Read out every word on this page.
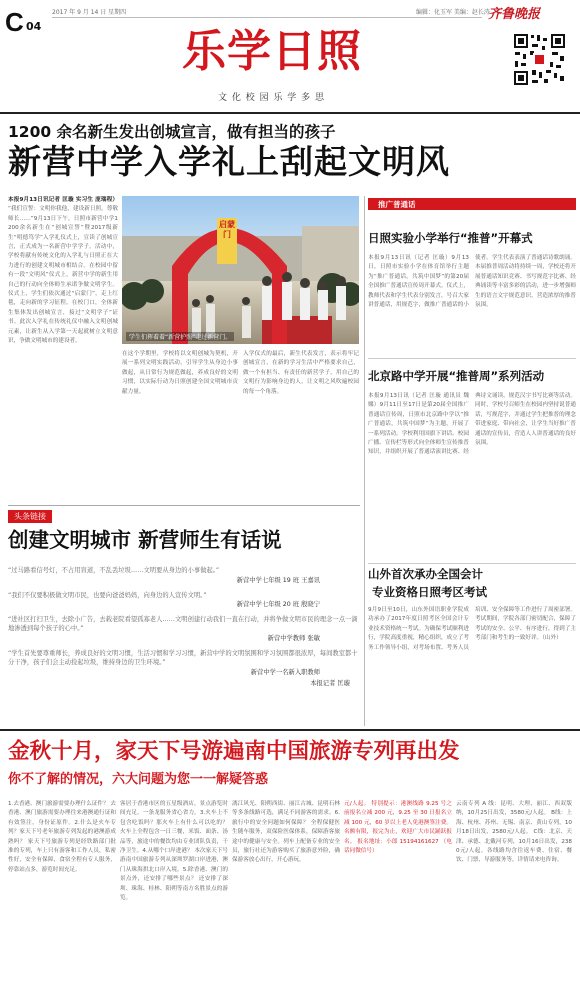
C 04
2017 年 9 月 14 日 星期四	编辑：化玉军 美编：赵长涛
齐鲁晚报
乐学日照
文 化 校 园 乐 学 多 思
1200 余名新生发出创城宣言，做有担当的孩子
新营中学入学礼上刮起文明风
本报9月13日讯记者 匡璇 实习生 庞瑞程） “我们宣誓：文明你我他，建设新日照，尊敬师长……”9月13日下午，日照市新营中学1200余名新生在“创城宣誓”暨2017级新生“明德笃学”入学礼仪式上，宣读了创城宣言，正式成为一名新营中学学子。活动中，学校将献有传统文化的入学礼与日照正在大力进行的创建文明城市相结合。在校园中留有一段“文明风”仪式上，新营中学的新生用自己的行动向全体师生承诺争做文明学生。 仪式上，学生们依次通过“启蒙门”，走上红毯，走向新的学习征程。在校门口，全体新生集体发出创城宣言，接过“文明学子”证书。此次入学礼在传统礼仪中融入文明创城元素，让新生从入学第一天起就树立文明意识，争做文明城市的建设者。
启蒙门
学生们挥着着“新营护照”走过新营门。
在这个学期里，学校将以文明创城为契机，开展一系列文明实践活动，引导学生从身边小事做起，从日常行为规范做起，养成良好的文明习惯，以实际行动为日照创建全国文明城市贡献力量。
入学仪式的最后，新生代表发言，表示将牢记创城宣言，在新的学习生活中严格要求自己，做一个有担当、有责任的新营学子，用自己的文明行为影响身边的人，让文明之风吹遍校园的每一个角落。
头条链接
创建文明城市 新营师生有话说
“过马路看信号灯，不占用盲道，不乱丢垃圾……文明要从身边的小事做起。”
新营中学七年级 19 班 王嘉讯
“我们不仅要积极做文明市民，也要向爸爸妈妈，向身边的人宣传文明。”
新营中学七年级 20 班 殷晓宁
“进社区打扫卫生，去除小广告，去载老院看望孤寡老人……文明创建行动我们一直在行动，并将争做文明市民的理念一点一滴地渗透到每个孩子的心中。”
新营中学教师 张敏
“学生首先要尊重师长，养成良好的文明习惯，生活习惯和学习习惯，新营中学的文明氛围和学习氛围都很浓厚，每间教室都十分干净，孩子们会主动捡起垃圾，维持身边的卫生环境。”
新营中学一名新入职教师
本报记者 匡璇
推广普通话
日照实验小学举行“推普”开幕式
本报9月13日讯（记者 匡璇）9月13日，日照市实验小学在体育馆举行主题为“推广普通话，共筑中国梦”的第20届全国推广普通话宣传周开幕式。仪式上，教师代表和学生代表分别发言，号召大家讲普通话，用规范字，做推广普通话的小使者。学生代表表演了普通话诗歌朗诵。本届推普周活动将持续一周，学校还将开展普通话知识竞赛、书写规范字比赛、经典诵读等丰富多彩的活动，进一步增强师生的语言文字规范意识，营造浓厚的推普氛围。
北京路中学开展“推普周”系列活动
本报9月13日讯（记者 匡璇 通讯员 魏娜）9月11日至17日是第20届全国推广普通话宣传周，日照市北京路中学以“推广普通话，共筑中国梦”为主题，开展了一系列活动。学校利用国旗下讲话、校园广播、宣传栏等形式向全体师生宣传推普知识，并组织开展了普通话演讲比赛、经典诗文诵读、规范汉字书写比赛等活动。同时，学校号召师生在校园内坚持说普通话，写规范字，并通过学生把推普的理念带进家庭、带向社会，让学生当好推广普通话的宣传员，营造人人讲普通话的良好氛围。
山外首次承办全国会计
专业资格日照考区考试
9月9日至10日，山东外国语职业学院成功承办了2017年度日照考区全国会计专业技术资格统一考试。为确保考试顺利进行，学院高度重视，精心组织，成立了考务工作领导小组，对考场布置、考务人员培训、安全保障等工作进行了周密部署。考试期间，学院各部门密切配合，保障了考试的安全、公平、有序进行，得到了主考部门和考生的一致好评。（山外）
金秋十月，家天下号游遍南中国旅游专列再出发
你不了解的情况，六大问题为您一一解疑答惑
1.去香港、澳门旅游需要办理什么证件？ 去香港、澳门旅游需要办理往来港澳通行证和有效签注，身份证原件。2.什么是火车专列？家天下号老年旅游专列发起的港澳游成熟吗？ 家天下号旅游专列是经铁路部门批准的专列，车上只有游客和工作人员，私密性好，安全有保障，食宿全程有专人服务，停靠站点多，游览时间充足。
客居于香港市区的五星级酒店，景点游览时间充足，一条龙服务省心省力。3.火车上不包含吃饭吗？那火车上有什么可以吃的？ 火车上全程包含一日三餐，米饭、面条、汤品等，旅途中的餐饮均由专业团队负责，干净卫生。4.从哪个口岸进港？ 本次家天下号游南中国旅游专列从深圳罗湖口岸进港，澳门从珠海拱北口岸入境。5.除香港、澳门的景点外，还安排了哪些景点？ 还安排了深圳、珠海、桂林、阳朔等南方名胜景点的游览。
漓江风光、阳朔西街、丽江古城、昆明石林等多条线路可选，满足不同游客的需求。6.旅行中的安全问题如何保障？ 全程保健医生随车服务，双保险医保体系，保障游客旅途中的健康与安全。列车上配备专业的安全员，旅行社还为游客购买了旅游意外险，确保游客放心出行，开心游玩。
元/人起。 特别提示：港澳线路 9.25 号之前报名立减 200 元，9.25 至 30 日报名立减 100 元，60 岁以上老人免港澳签注费。名额有限，报完为止，欢迎广大市民踊跃报名。 报名地址：小郎 15194161627 （电话同微信号）
云南专列 A 线：昆明、大理、丽江、西双版纳，10月25日出发，3580元/人起。 B线：上海、杭州、苏州、无锡、南京、黄山专列，10月18日出发，2580元/人起。 C线：北京、天津、承德、北戴河专列，10月16日出发，2380元/人起。各线路均含往返车费、住宿、餐饮、门票、导游服务等，详情请来电咨询。
